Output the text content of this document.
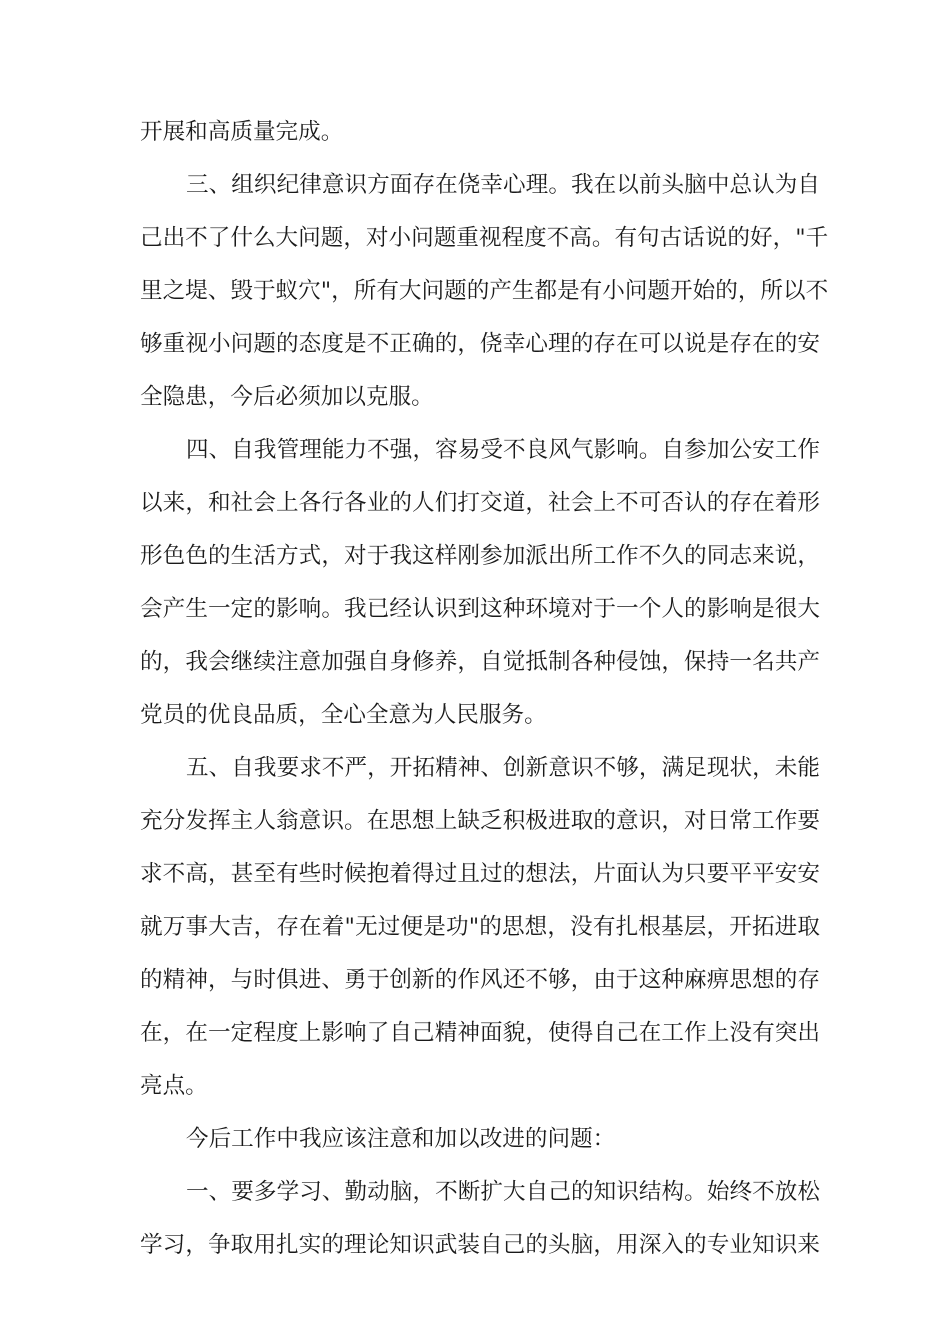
开展和高质量完成。
三、组织纪律意识方面存在侥幸心理。我在以前头脑中总认为自
己出不了什么大问题，对小问题重视程度不高。有句古话说的好，"千
里之堤、毁于蚁穴"，所有大问题的产生都是有小问题开始的，所以不
够重视小问题的态度是不正确的，侥幸心理的存在可以说是存在的安
全隐患，今后必须加以克服。
四、自我管理能力不强，容易受不良风气影响。自参加公安工作
以来，和社会上各行各业的人们打交道，社会上不可否认的存在着形
形色色的生活方式，对于我这样刚参加派出所工作不久的同志来说，
会产生一定的影响。我已经认识到这种环境对于一个人的影响是很大
的，我会继续注意加强自身修养，自觉抵制各种侵蚀，保持一名共产
党员的优良品质，全心全意为人民服务。
五、自我要求不严，开拓精神、创新意识不够，满足现状，未能
充分发挥主人翁意识。在思想上缺乏积极进取的意识，对日常工作要
求不高，甚至有些时候抱着得过且过的想法，片面认为只要平平安安
就万事大吉，存在着"无过便是功"的思想，没有扎根基层，开拓进取
的精神，与时俱进、勇于创新的作风还不够，由于这种麻痹思想的存
在，在一定程度上影响了自己精神面貌，使得自己在工作上没有突出
亮点。
今后工作中我应该注意和加以改进的问题：
一、要多学习、勤动脑，不断扩大自己的知识结构。始终不放松
学习，争取用扎实的理论知识武装自己的头脑，用深入的专业知识来
